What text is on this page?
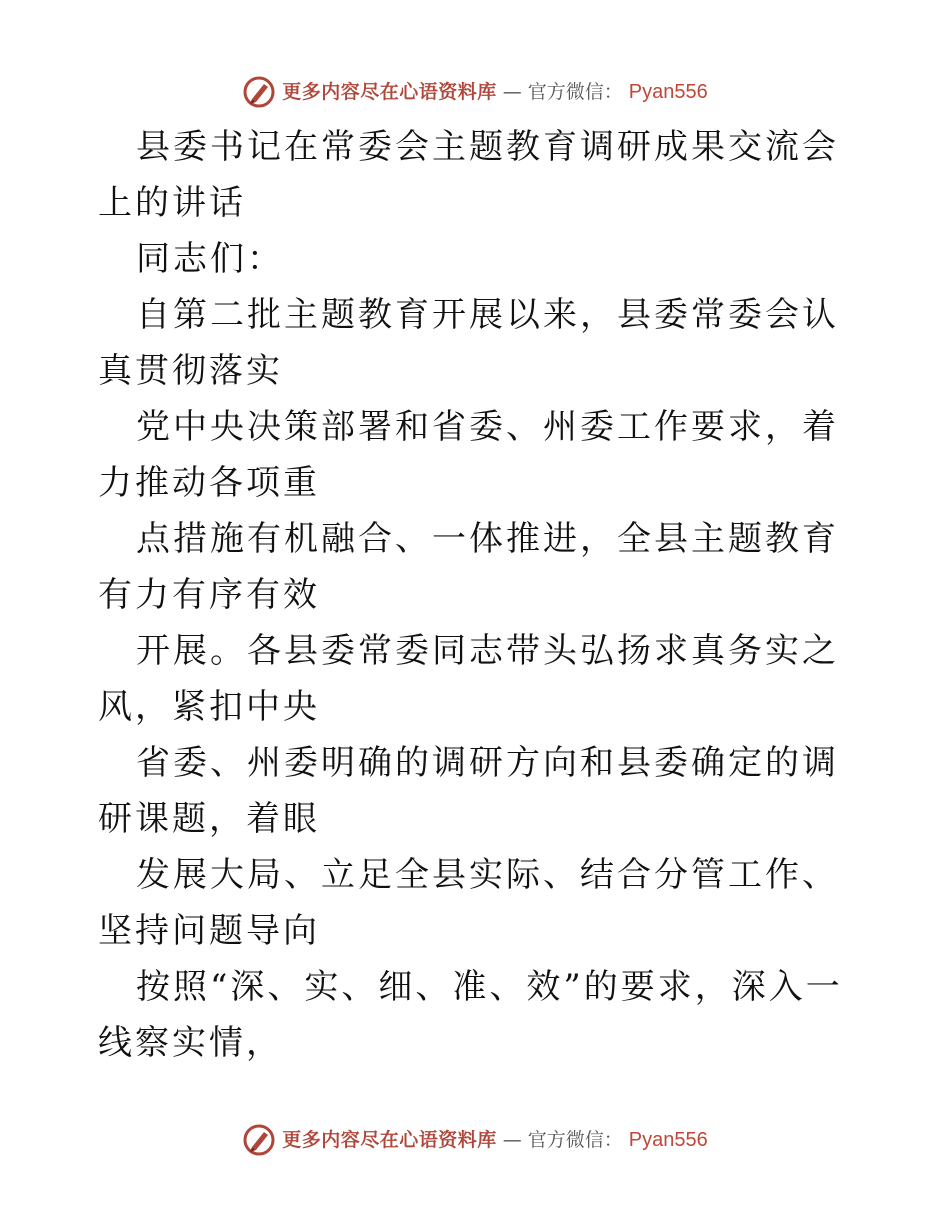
更多内容尽在心语资料库 — 官方微信： Pyan556

县委书记在常委会主题教育调研成果交流会上的讲话

同志们：

自第二批主题教育开展以来，县委常委会认真贯彻落实

党中央决策部署和省委、州委工作要求，着力推动各项重

点措施有机融合、一体推进，全县主题教育有力有序有效

开展。各县委常委同志带头弘扬求真务实之风，紧扣中央

省委、州委明确的调研方向和县委确定的调研课题，着眼

发展大局、立足全县实际、结合分管工作、坚持问题导向

按照“深、实、细、准、效”的要求，深入一线察实情，

更多内容尽在心语资料库 — 官方微信： Pyan556
